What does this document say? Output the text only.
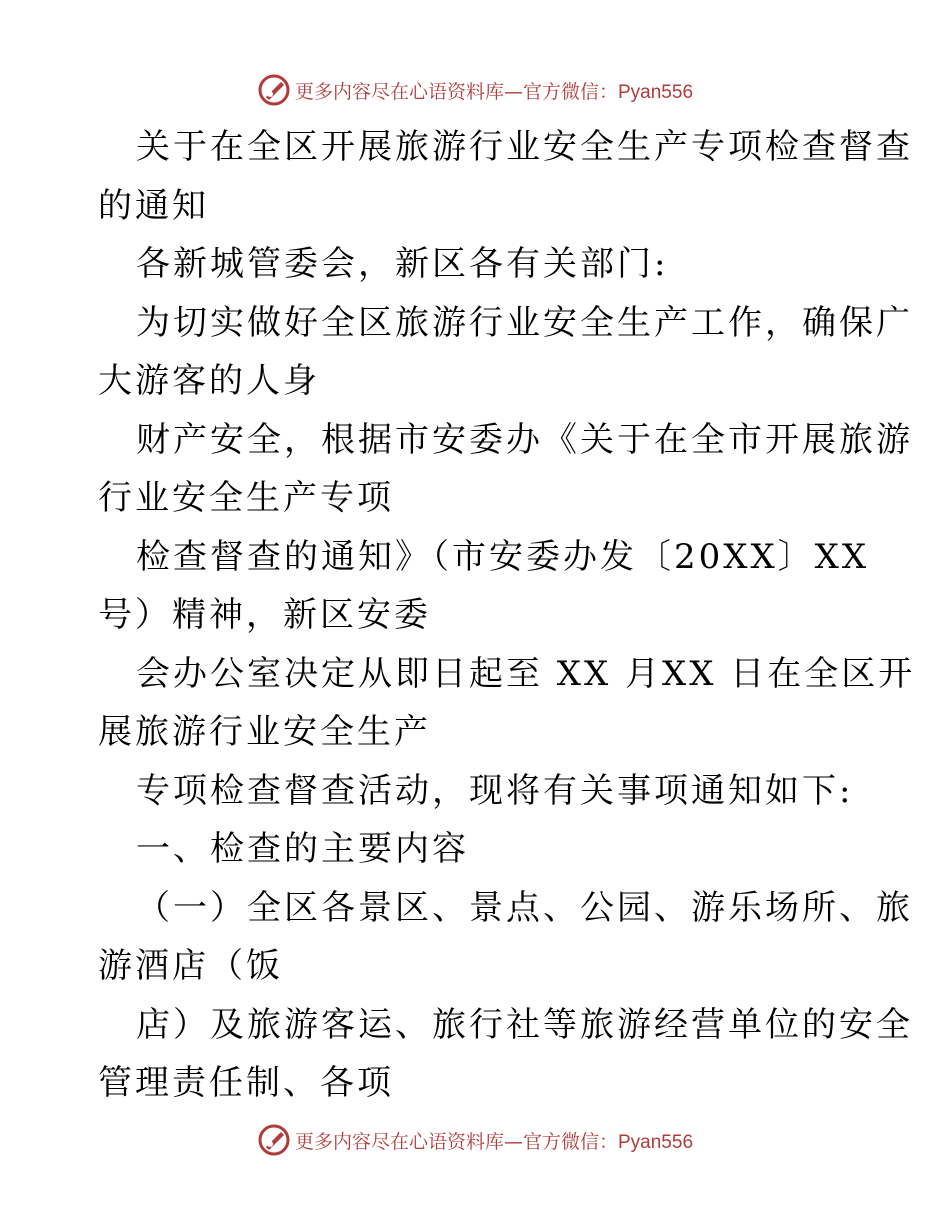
更多内容尽在心语资料库—官方微信：Pyan556
关于在全区开展旅游行业安全生产专项检查督查
的通知
各新城管委会，新区各有关部门:
为切实做好全区旅游行业安全生产工作，确保广
大游客的人身
财产安全，根据市安委办《关于在全市开展旅游
行业安全生产专项
检查督查的通知》（市安委办发〔20XX〕XX
号）精神，新区安委
会办公室决定从即日起至 XX 月XX 日在全区开
展旅游行业安全生产
专项检查督查活动，现将有关事项通知如下:
一、检查的主要内容
（一）全区各景区、景点、公园、游乐场所、旅
游酒店（饭
店）及旅游客运、旅行社等旅游经营单位的安全
管理责任制、各项
更多内容尽在心语资料库—官方微信：Pyan556
